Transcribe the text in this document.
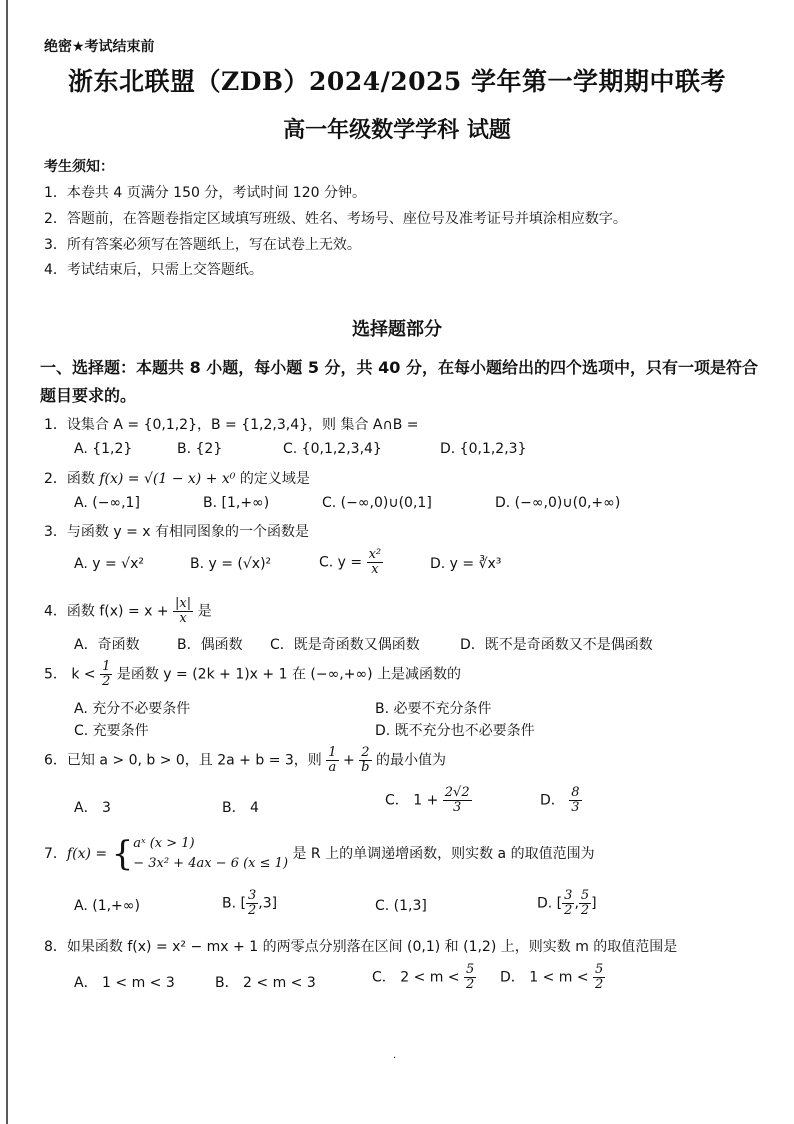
绝密★考试结束前
浙东北联盟（ZDB）2024/2025 学年第一学期期中联考
高一年级数学学科 试题
考生须知：
1．本卷共 4 页满分 150 分，考试时间 120 分钟。
2．答题前，在答题卷指定区域填写班级、姓名、考场号、座位号及准考证号并填涂相应数字。
3．所有答案必须写在答题纸上，写在试卷上无效。
4．考试结束后，只需上交答题纸。
选择题部分
一、选择题：本题共 8 小题，每小题 5 分，共 40 分，在每小题给出的四个选项中，只有一项是符合题目要求的。
1．设集合 A = {0,1,2}，B = {1,2,3,4}，则 集合 A∩B =
A. {1,2}	B. {2}	C. {0,1,2,3,4}	D. {0,1,2,3}
2．函数 f(x) = √(1 − x) + x⁰ 的定义域是
A. (−∞,1]	B. [1,+∞)	C. (−∞,0)∪(0,1]	D. (−∞,0)∪(0,+∞)
3．与函数 y = x 有相同图象的一个函数是
A. y = √x²	B. y = (√x)²	C. $y = \frac{\text{x²}}{x}$	D. y = ∛x³
4．函数 $f(x) = x + \frac{|x|}{x}$ 是
A．奇函数	B．偶函数 C．既是奇函数又偶函数	D．既不是奇函数又不是偶函数
5． $k < \frac{1}{2}$ 是函数 y = (2k + 1)x + 1 在 (−∞,+∞) 上是减函数的
A. 充分不必要条件	B. 必要不充分条件
C. 充要条件	D. 既不充分也不必要条件
6．已知 a > 0, b > 0，且 2a + b = 3，则 $\frac{1}{a} + \frac{2}{b}$ 的最小值为
A． 3	B． 4	C． $1 + \frac{2√2}{3}$	D． $\frac{8}{3}$
7．f(x) = { aˣ (x > 1)
− 3x² + 4ax − 6 (x ≤ 1)
是 R 上的单调递增函数，则实数 a 的取值范围为
A. (1,+∞)	B. [ $\frac{3}{2} ,3$]	C. (1,3]	D. [ $\frac{3}{2}$ , $\frac{5}{2}$ ]
8．如果函数 f(x) = x² − mx + 1 的两零点分别落在区间 (0,1) 和 (1,2) 上，则实数 m 的取值范围是
A． 1 < m < 3	B． 2 < m < 3	C． $2 < m < \frac{5}{2}$ D． $1 < m < \frac{5}{2}$
·
